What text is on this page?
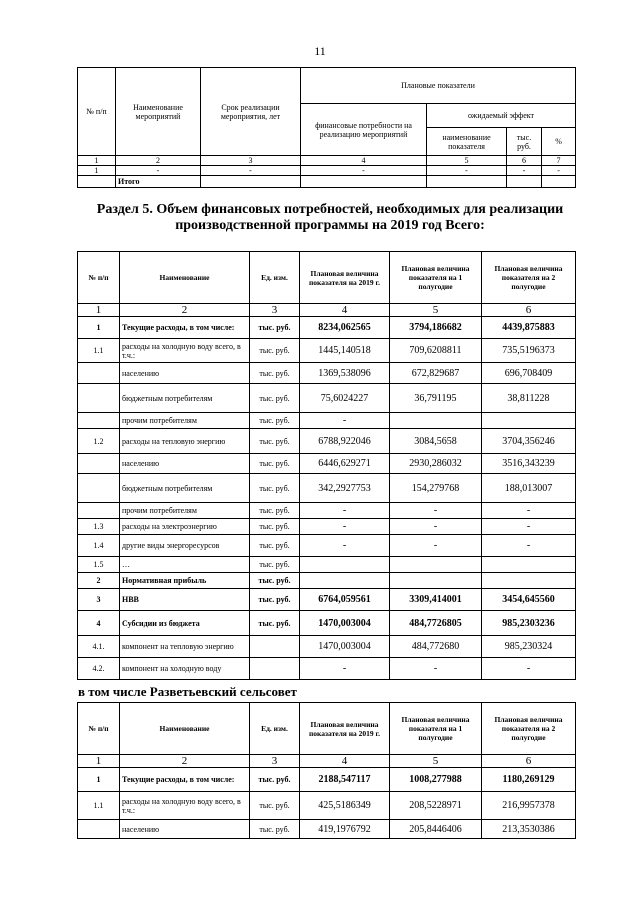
11
№ п/п	Наименование мероприятий	Срок реализации мероприятия, лет	Плановые показатели			
			финансовые потребности на реализацию мероприятий	ожидаемый эффект		
				наименование показателя	тыс. руб.	%
1	2	3	4	5	6	7
1	-	-	-	-	-	-
	Итого					
Раздел 5. Объем финансовых потребностей, необходимых для реализации производственной программы на 2019 год Всего:
№ п/п	Наименование	Ед. изм.	Плановая величина показателя на 2019 г.	Плановая величина показателя на 1 полугодие	Плановая величина показателя на 2 полугодие
1	2	3	4	5	6
1	Текущие расходы, в том числе:	тыс. руб.	8234,062565	3794,186682	4439,875883
1.1	расходы на холодную воду всего, в т.ч.:	тыс. руб.	1445,140518	709,6208811	735,5196373
	населению	тыс. руб.	1369,538096	672,829687	696,708409
	бюджетным потребителям	тыс. руб.	75,6024227	36,791195	38,811228
	прочим потребителям	тыс. руб.	-		
1.2	расходы на тепловую энергию	тыс. руб.	6788,922046	3084,5658	3704,356246
	населению	тыс. руб.	6446,629271	2930,286032	3516,343239
	бюджетным потребителям	тыс. руб.	342,2927753	154,279768	188,013007
	прочим потребителям	тыс. руб.	-	-	-
1.3	расходы на электроэнергию	тыс. руб.	-	-	-
1.4	другие виды энергоресурсов	тыс. руб.	-	-	-
1.5	…	тыс. руб.			
2	Нормативная прибыль	тыс. руб.			
3	НВВ	тыс. руб.	6764,059561	3309,414001	3454,645560
4	Субсидии из бюджета	тыс. руб.	1470,003004	484,7726805	985,2303236
4.1.	компонент на тепловую энергию		1470,003004	484,772680	985,230324
4.2.	компонент на холодную воду		-	-	-
в том числе Разветьевский сельсовет
№ п/п	Наименование	Ед. изм.	Плановая величина показателя на 2019 г.	Плановая величина показателя на 1 полугодие	Плановая величина показателя на 2 полугодие
1	2	3	4	5	6
1	Текущие расходы, в том числе:	тыс. руб.	2188,547117	1008,277988	1180,269129
1.1	расходы на холодную воду всего, в т.ч.:	тыс. руб.	425,5186349	208,5228971	216,9957378
	населению	тыс. руб.	419,1976792	205,8446406	213,3530386
